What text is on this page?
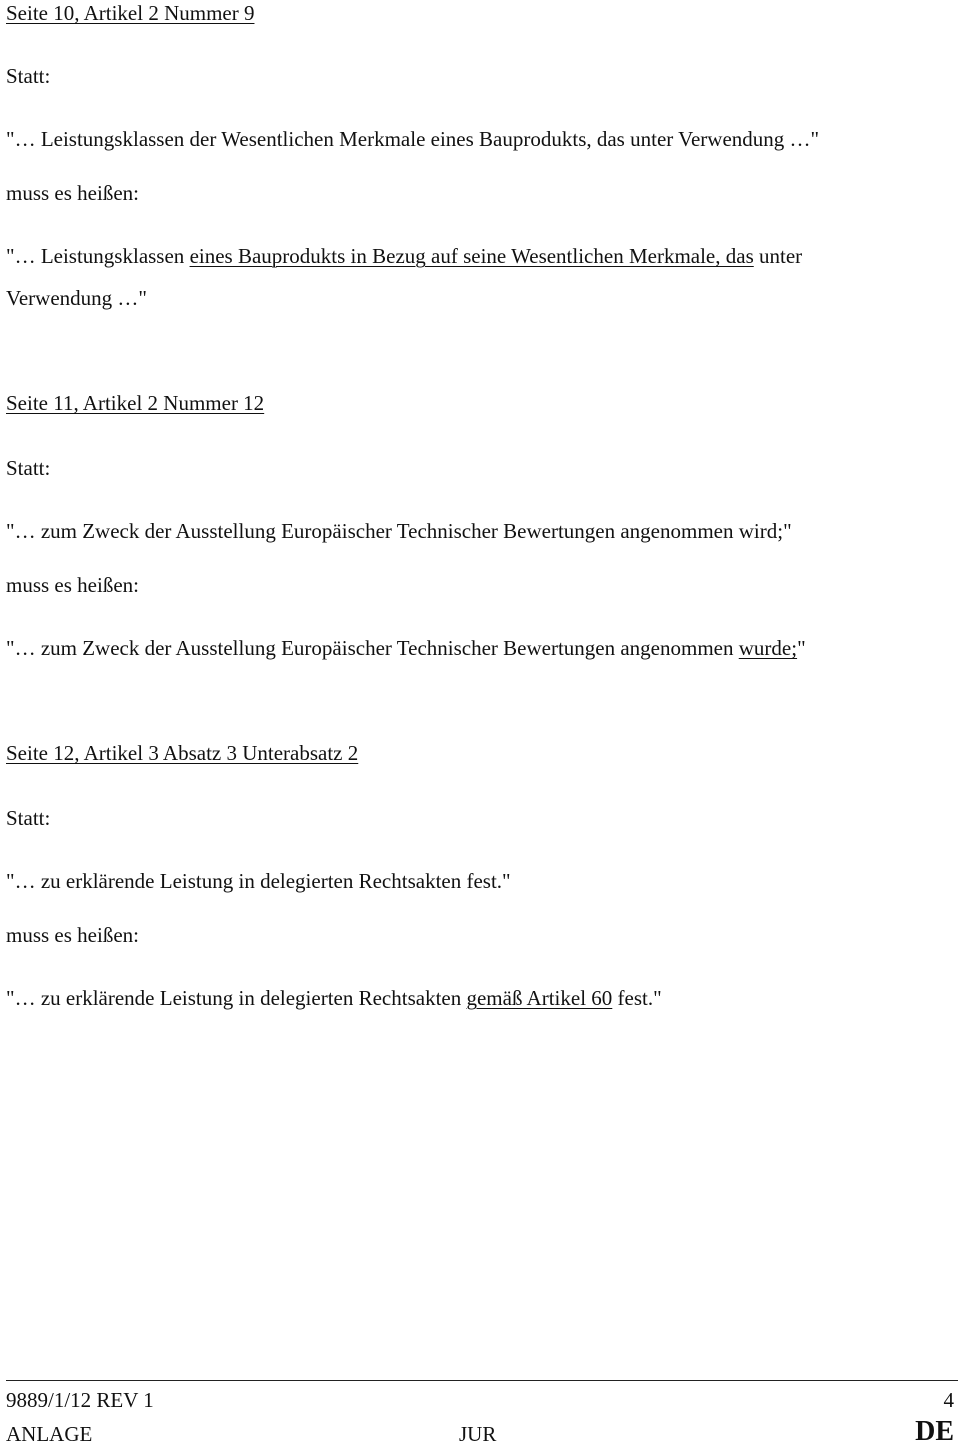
Seite 10, Artikel 2 Nummer 9
Statt:
"… Leistungsklassen der Wesentlichen Merkmale eines Bauprodukts, das unter Verwendung …"
muss es heißen:
"… Leistungsklassen eines Bauprodukts in Bezug auf seine Wesentlichen Merkmale, das unter
Verwendung …"
Seite 11, Artikel 2 Nummer 12
Statt:
"… zum Zweck der Ausstellung Europäischer Technischer Bewertungen angenommen wird;"
muss es heißen:
"… zum Zweck der Ausstellung Europäischer Technischer Bewertungen angenommen wurde;"
Seite 12, Artikel 3 Absatz 3 Unterabsatz 2
Statt:
"… zu erklärende Leistung in delegierten Rechtsakten fest."
muss es heißen:
"… zu erklärende Leistung in delegierten Rechtsakten gemäß Artikel 60 fest."
9889/1/12 REV 1	4
ANLAGE	JUR	DE
